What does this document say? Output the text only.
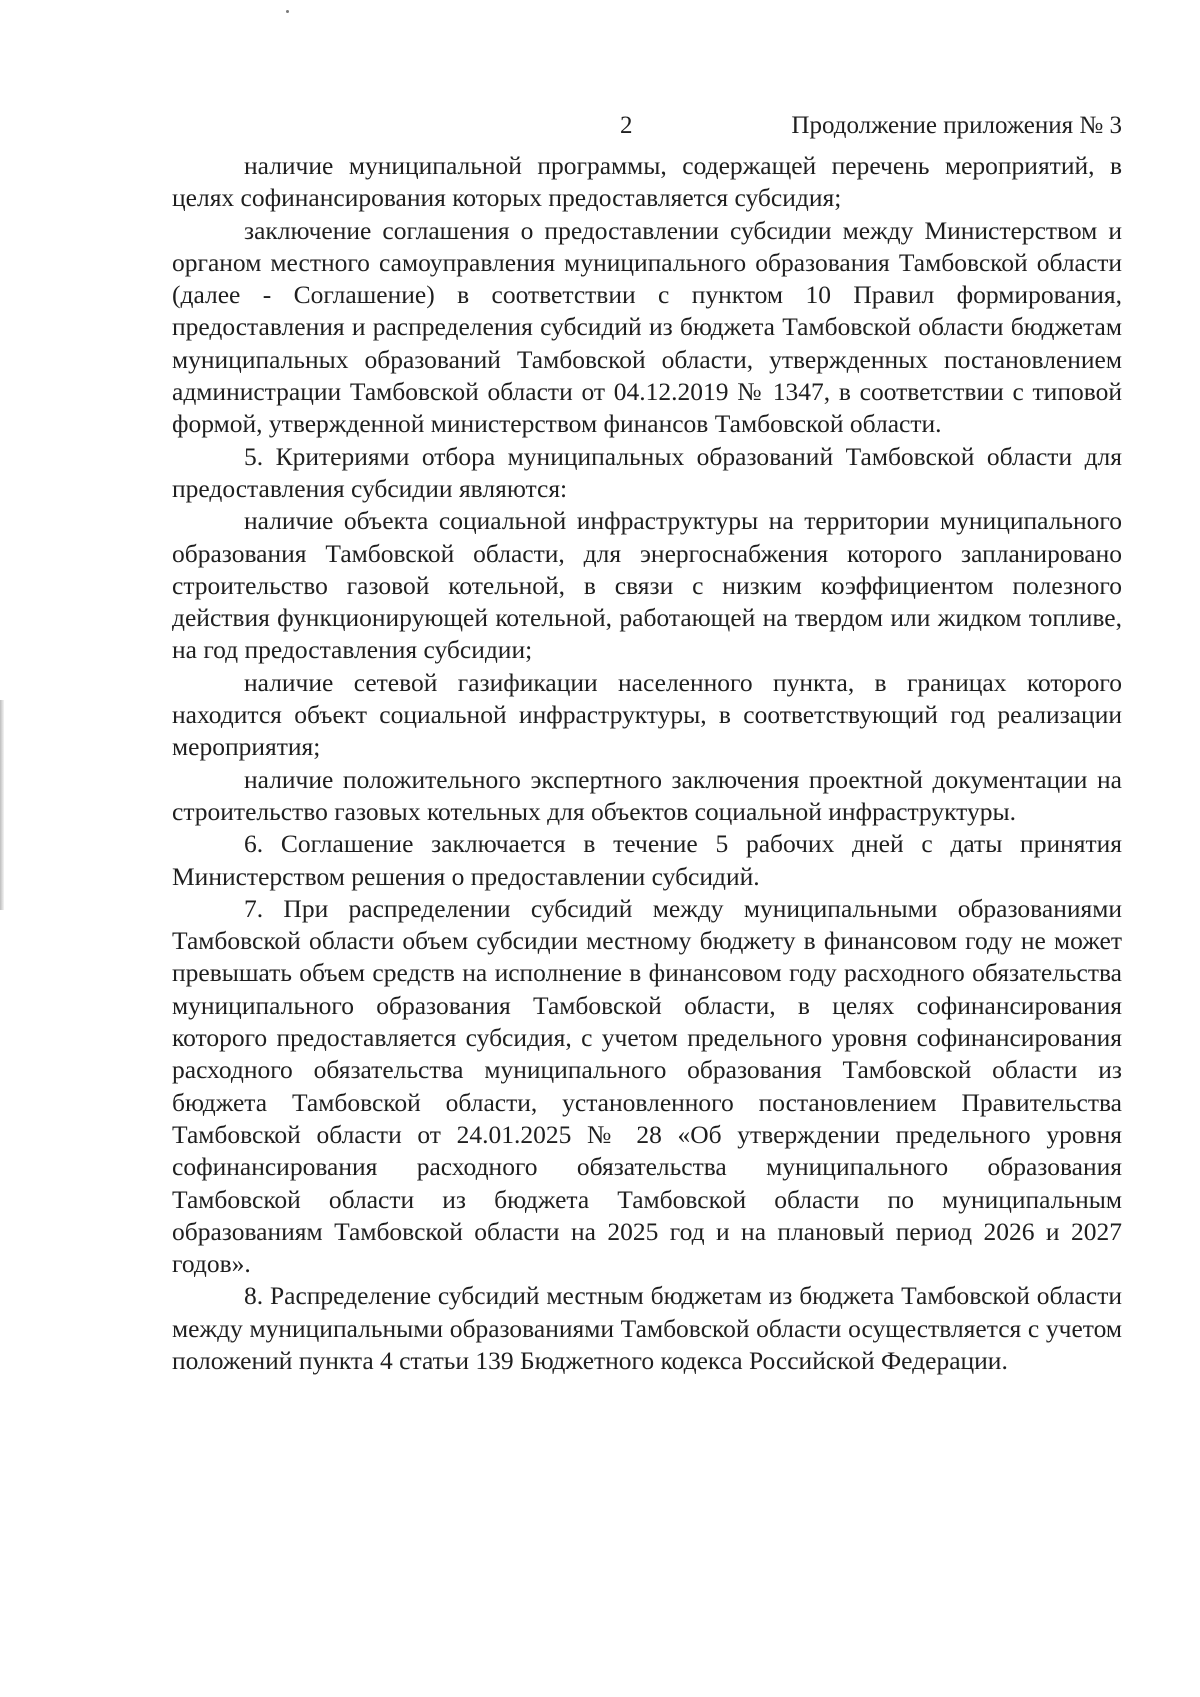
2	Продолжение приложения № 3

наличие муниципальной программы, содержащей перечень мероприятий, в целях софинансирования которых предоставляется субсидия;

заключение соглашения о предоставлении субсидии между Министерством и органом местного самоуправления муниципального образования Тамбовской области (далее - Соглашение) в соответствии с пунктом 10 Правил формирования, предоставления и распределения субсидий из бюджета Тамбовской области бюджетам муниципальных образований Тамбовской области, утвержденных постановлением администрации Тамбовской области от 04.12.2019 № 1347, в соответствии с типовой формой, утвержденной министерством финансов Тамбовской области.

5. Критериями отбора муниципальных образований Тамбовской области для предоставления субсидии являются:

наличие объекта социальной инфраструктуры на территории муниципального образования Тамбовской области, для энергоснабжения которого запланировано строительство газовой котельной, в связи с низким коэффициентом полезного действия функционирующей котельной, работающей на твердом или жидком топливе, на год предоставления субсидии;

наличие сетевой газификации населенного пункта, в границах которого находится объект социальной инфраструктуры, в соответствующий год реализации мероприятия;

наличие положительного экспертного заключения проектной документации на строительство газовых котельных для объектов социальной инфраструктуры.

6. Соглашение заключается в течение 5 рабочих дней с даты принятия Министерством решения о предоставлении субсидий.

7. При распределении субсидий между муниципальными образованиями Тамбовской области объем субсидии местному бюджету в финансовом году не может превышать объем средств на исполнение в финансовом году расходного обязательства муниципального образования Тамбовской области, в целях софинансирования которого предоставляется субсидия, с учетом предельного уровня софинансирования расходного обязательства муниципального образования Тамбовской области из бюджета Тамбовской области, установленного постановлением Правительства Тамбовской области от 24.01.2025 № 28 «Об утверждении предельного уровня софинансирования расходного обязательства муниципального образования Тамбовской области из бюджета Тамбовской области по муниципальным образованиям Тамбовской области на 2025 год и на плановый период 2026 и 2027 годов».

8. Распределение субсидий местным бюджетам из бюджета Тамбовской области между муниципальными образованиями Тамбовской области осуществляется с учетом положений пункта 4 статьи 139 Бюджетного кодекса Российской Федерации.
